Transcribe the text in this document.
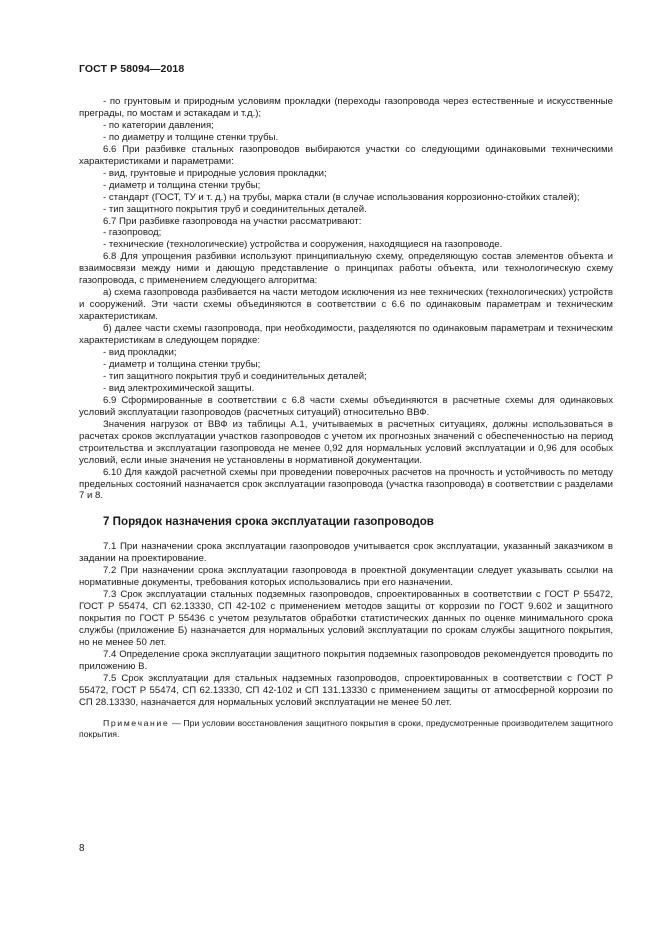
ГОСТ Р 58094—2018

- по грунтовым и природным условиям прокладки (переходы газопровода через естественные и искусственные преграды, по мостам и эстакадам и т.д.);

- по категории давления;

- по диаметру и толщине стенки трубы.

6.6 При разбивке стальных газопроводов выбираются участки со следующими одинаковыми техническими характеристиками и параметрами:

- вид, грунтовые и природные условия прокладки;

- диаметр и толщина стенки трубы;

- стандарт (ГОСТ, ТУ и т. д.) на трубы, марка стали (в случае использования коррозионно-стойких сталей);

- тип защитного покрытия труб и соединительных деталей.

6.7 При разбивке газопровода на участки рассматривают:

- газопровод;

- технические (технологические) устройства и сооружения, находящиеся на газопроводе.

6.8 Для упрощения разбивки используют принципиальную схему, определяющую состав элементов объекта и взаимосвязи между ними и дающую представление о принципах работы объекта, или технологическую схему газопровода, с применением следующего алгоритма:

а) схема газопровода разбивается на части методом исключения из нее технических (технологических) устройств и сооружений. Эти части схемы объединяются в соответствии с 6.6 по одинаковым параметрам и техническим характеристикам.

б) далее части схемы газопровода, при необходимости, разделяются по одинаковым параметрам и техническим характеристикам в следующем порядке:

- вид прокладки;

- диаметр и толщина стенки трубы;

- тип защитного покрытия труб и соединительных деталей;

- вид электрохимической защиты.

6.9 Сформированные в соответствии с 6.8 части схемы объединяются в расчетные схемы для одинаковых условий эксплуатации газопроводов (расчетных ситуаций) относительно ВВФ.

Значения нагрузок от ВВФ из таблицы А.1, учитываемых в расчетных ситуациях, должны использоваться в расчетах сроков эксплуатации участков газопроводов с учетом их прогнозных значений с обеспеченностью на период строительства и эксплуатации газопровода не менее 0,92 для нормальных условий эксплуатации и 0,96 для особых условий, если иные значения не установлены в нормативной документации.

6.10 Для каждой расчетной схемы при проведении поверочных расчетов на прочность и устойчивость по методу предельных состояний назначается срок эксплуатации газопровода (участка газопровода) в соответствии с разделами 7 и 8.

7 Порядок назначения срока эксплуатации газопроводов

7.1 При назначении срока эксплуатации газопроводов учитывается срок эксплуатации, указанный заказчиком в задании на проектирование.

7.2 При назначении срока эксплуатации газопровода в проектной документации следует указывать ссылки на нормативные документы, требования которых использовались при его назначении.

7.3 Срок эксплуатации стальных подземных газопроводов, спроектированных в соответствии с ГОСТ Р 55472, ГОСТ Р 55474, СП 62.13330, СП 42-102 с применением методов защиты от коррозии по ГОСТ 9.602 и защитного покрытия по ГОСТ Р 55436 с учетом результатов обработки статистических данных по оценке минимального срока службы (приложение Б) назначается для нормальных условий эксплуатации по срокам службы защитного покрытия, но не менее 50 лет.

7.4 Определение срока эксплуатации защитного покрытия подземных газопроводов рекомендуется проводить по приложению В.

7.5 Срок эксплуатации для стальных надземных газопроводов, спроектированных в соответствии с ГОСТ Р 55472, ГОСТ Р 55474, СП 62.13330, СП 42-102 и СП 131.13330 с применением защиты от атмосферной коррозии по СП 28.13330, назначается для нормальных условий эксплуатации не менее 50 лет.

Примечание — При условии восстановления защитного покрытия в сроки, предусмотренные производителем защитного покрытия.

8
